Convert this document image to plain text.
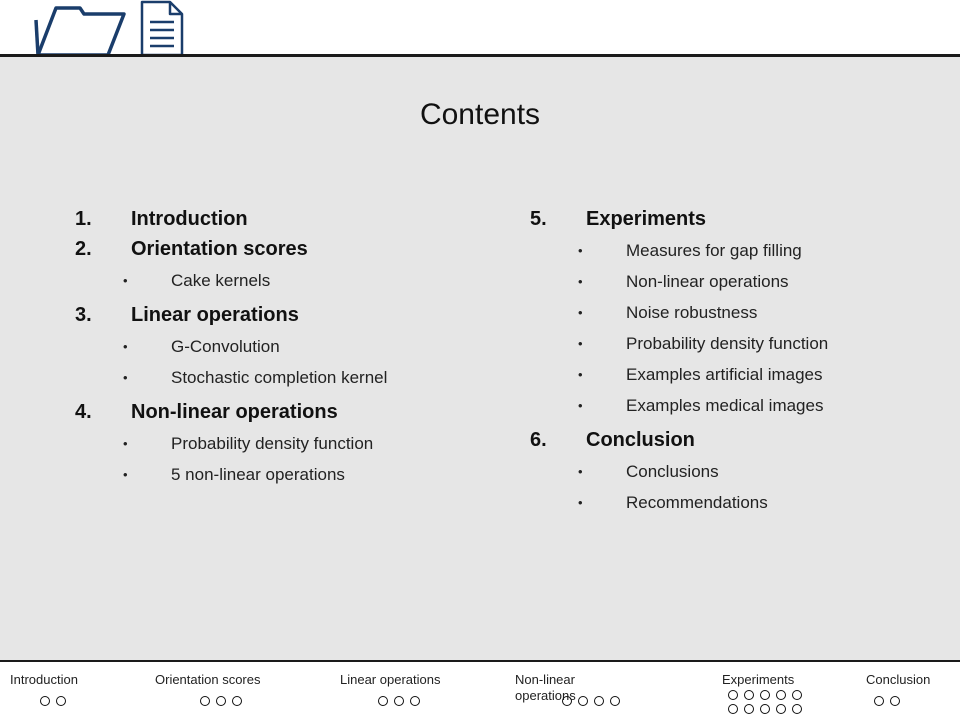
Contents
1. Introduction
2. Orientation scores
• Cake kernels
3. Linear operations
• G-Convolution
• Stochastic completion kernel
4. Non-linear operations
• Probability density function
• 5 non-linear operations
5. Experiments
• Measures for gap filling
• Non-linear operations
• Noise robustness
• Probability density function
• Examples artificial images
• Examples medical images
6. Conclusion
• Conclusions
• Recommendations
Introduction	Orientation scores	Linear operations	Non-linear operations
Experiments	Conclusion
